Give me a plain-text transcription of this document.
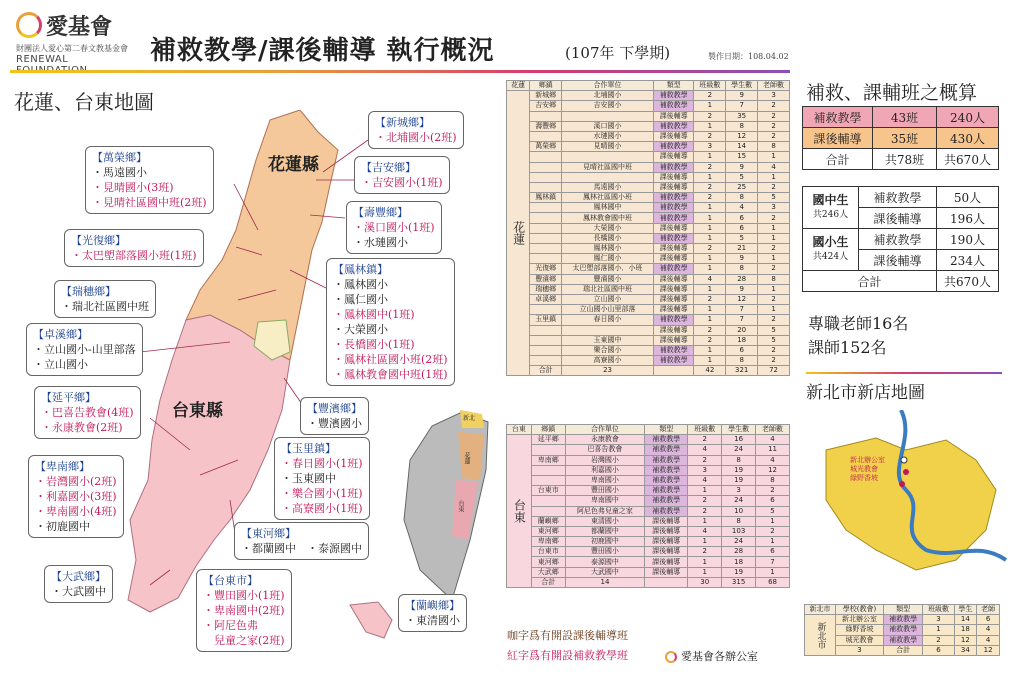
愛基會
財團法人愛心第二春文教基金會
RENEWAL	補救教學/課後輔導 執行概況	(107年 下學期)	製作日期：108.04.02
花蓮、台東地圖
花蓮縣
台東縣	新北
花蓮
台東
【新城鄉】
・北埔國小(2班)
【萬榮鄉】
・馬遠國小
・見晴國小(3班)
・見晴社區國中班(2班)
【吉安鄉】
・吉安國小(1班)
【壽豐鄉】
・溪口國小(1班)
・水璉國小
【光復鄉】
・太巴塱部落國小班(1班)
【瑞穗鄉】
・瑞北社區國中班
【鳳林鎮】
・鳳林國小
・鳳仁國小
・鳳林國中(1班)
・大榮國小
・長橋國小(1班)
・鳳林社區國小班(2班)
・鳳林教會國中班(1班)
【卓溪鄉】
・立山國小-山里部落
・立山國小
【延平鄉】
・巴喜告教會(4班)
・永康教會(2班)
【豐濱鄉】
・豐濱國小
【玉里鎮】
・春日國小(1班)
・玉東國中
・樂合國小(1班)
・高寮國小(1班)
【卑南鄉】
・岩灣國小(2班)
・利嘉國小(3班)
・卑南國小(4班)
・初鹿國中
【東河鄉】
・都蘭國中　・泰源國中
【大武鄉】
・大武國中
【台東市】
・豐田國小(1班)
・卑南國中(2班)
・阿尼色弗
　兒童之家(2班)
【蘭嶼鄉】
・東清國小
花蓮	鄉鎮	合作單位	類型	班級數	學生數	老師數
花蓮	新城鄉	北埔國小	補救教學	2	9	3
	吉安鄉	吉安國小	補救教學	1	7	2
			課後輔導	2	35	2
	壽豐鄉	溪口國小	補救教學	1	8	2
		水璉國小	課後輔導	2	12	2
	萬榮鄉	見晴國小	補救教學	3	14	8
			課後輔導	1	15	1
		見晴社區國中班	補救教學	2	9	4
			課後輔導	1	5	1
		馬遠國小	課後輔導	2	25	2
	鳳林鎮	鳳林社區國小班	補救教學	2	8	5
		鳳林國中	補救教學	1	4	3
		鳳林教會國中班	補救教學	1	6	2
		大榮國小	課後輔導	1	6	1
		長橋國小	補救教學	1	5	1
		鳳林國小	課後輔導	2	21	2
		鳳仁國小	課後輔導	1	9	1
	光復鄉	太巴塱部落國小．小班	補救教學	1	8	2
	豐濱鄉	豐濱國小	課後輔導	4	28	8
	瑞穗鄉	瑞北社區國中班	課後輔導	1	9	1
	卓溪鄉	立山國小	課後輔導	2	12	2
		立山國小山里部落	課後輔導	1	7	1
	玉里鎮	春日國小	補救教學	1	7	2
			課後輔導	2	20	5
		玉東國中	課後輔導	2	18	5
		樂合國小	補救教學	1	6	2
		高寮國小	補救教學	1	8	2
	合計	23		42	321	72
台東	鄉鎮	合作單位	類型	班級數	學生數	老師數
台東	延平鄉	永康教會	補救教學	2	16	4
		巴喜告教會	補救教學	4	24	11
	卑南鄉	岩灣國小	補救教學	2	8	4
		利嘉國小	補救教學	3	19	12
		卑南國小	補救教學	4	19	8
	台東市	豐田國小	補救教學	1	3	2
		卑南國中	補救教學	2	24	6
		阿尼色弗兒童之家	補救教學	2	10	5
	蘭嶼鄉	東清國小	課後輔導	1	8	1
	東河鄉	都蘭國中	課後輔導	4	103	2
	卑南鄉	初鹿國中	課後輔導	1	24	1
	台東市	豐田國小	課後輔導	2	28	6
	東河鄉	泰源國中	課後輔導	1	18	7
	大武鄉	大武國中	課後輔導	1	19	1
	合計	14		30	315	68
補救、課輔班之概算
補救教學	43班	240人
課後輔導	35班	430人
合計	共78班	共670人
國中生
共246人	補救教學	50人
	課後輔導	196人
國小生
共424人	補救教學	190人
	課後輔導	234人
合計		共670人
專職老師16名
課師152名
新北市新店地圖
新北辦公室
城光教會
綠野香坡
新北市	學校(教會)	類型	班級數	學生	老師
新北市	新北辦公室	補救教學	3	14	6
	綠野香坡	補救教學	1	18	4
	城光教會	補救教學	2	12	4
	3	合計	6	34	12
咖字爲有開設課後輔導班
紅字爲有開設補救教學班	愛基會各辦公室
